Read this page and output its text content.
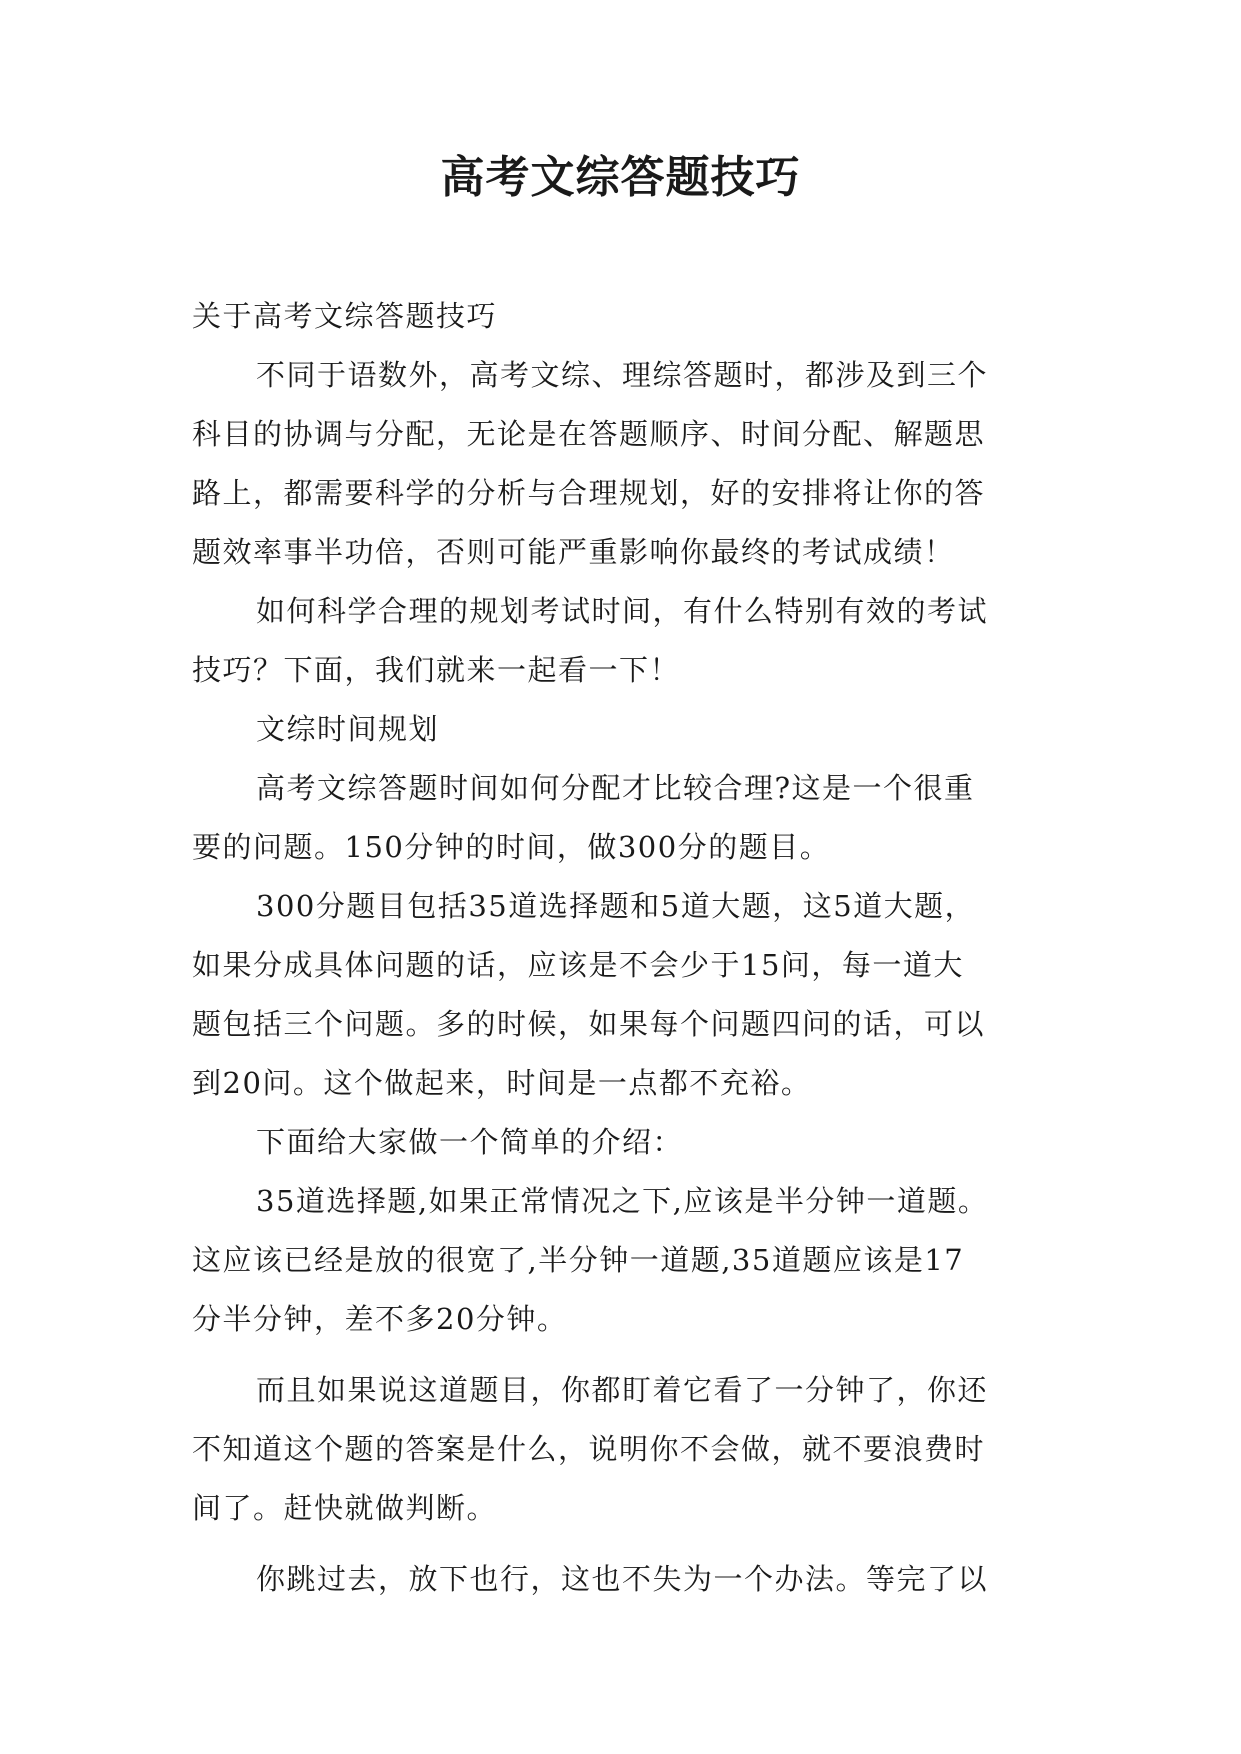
高考文综答题技巧
关于高考文综答题技巧
不同于语数外，高考文综、理综答题时，都涉及到三个
科目的协调与分配，无论是在答题顺序、时间分配、解题思
路上，都需要科学的分析与合理规划，好的安排将让你的答
题效率事半功倍，否则可能严重影响你最终的考试成绩！
如何科学合理的规划考试时间，有什么特别有效的考试
技巧？下面，我们就来一起看一下！
文综时间规划
高考文综答题时间如何分配才比较合理?这是一个很重
要的问题。150分钟的时间，做300分的题目。
300分题目包括35道选择题和5道大题，这5道大题，
如果分成具体问题的话，应该是不会少于15问，每一道大
题包括三个问题。多的时候，如果每个问题四问的话，可以
到20问。这个做起来，时间是一点都不充裕。
下面给大家做一个简单的介绍：
35道选择题,如果正常情况之下,应该是半分钟一道题。
这应该已经是放的很宽了,半分钟一道题,35道题应该是17
分半分钟，差不多20分钟。
而且如果说这道题目，你都盯着它看了一分钟了，你还
不知道这个题的答案是什么，说明你不会做，就不要浪费时
间了。赶快就做判断。
你跳过去，放下也行，这也不失为一个办法。等完了以
